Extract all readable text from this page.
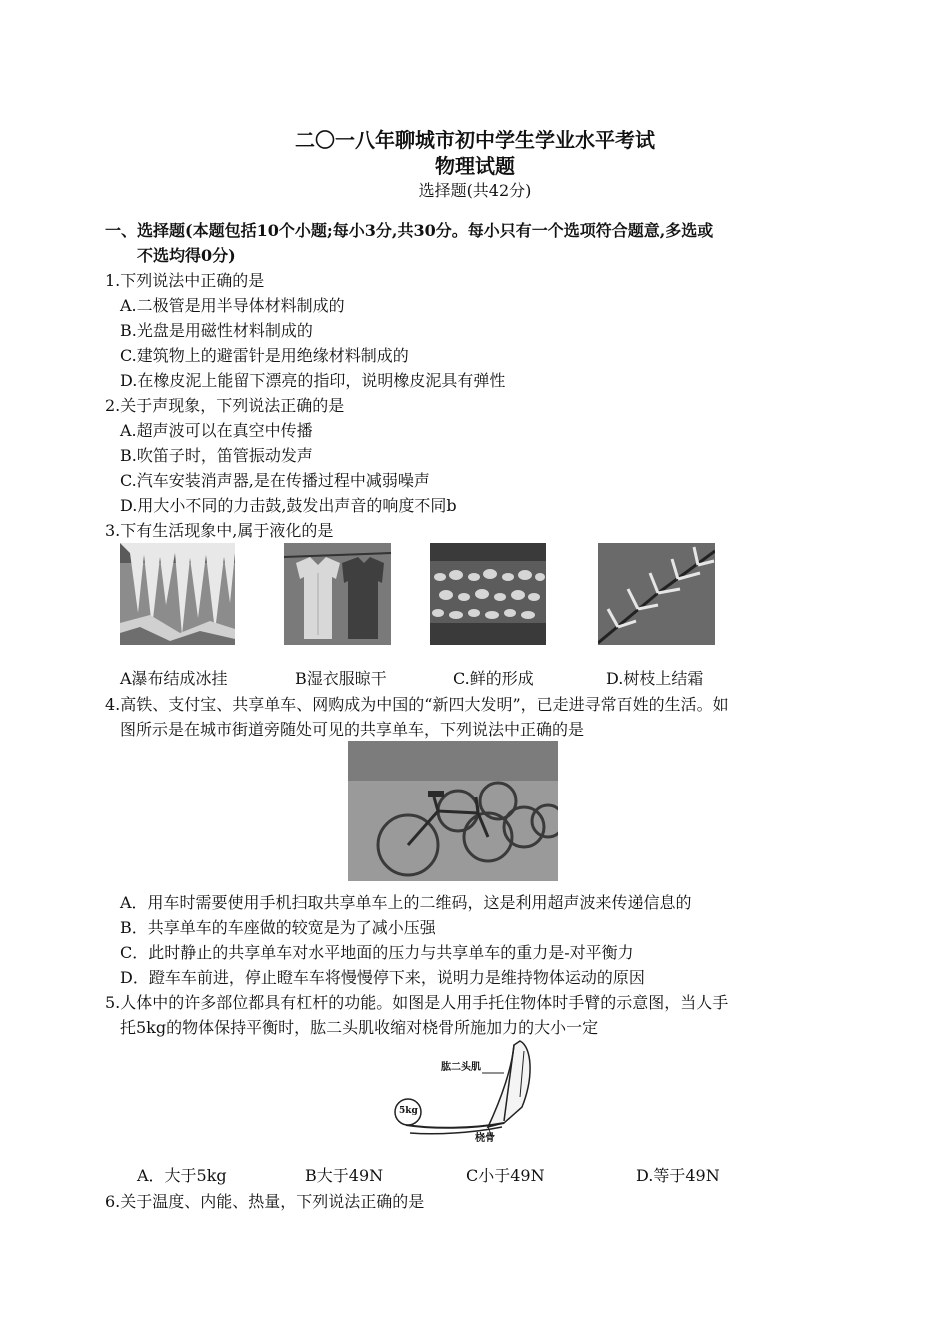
二〇一八年聊城市初中学生学业水平考试
物理试题
选择题(共42分)
一、选择题(本题包括10个小题;每小3分,共30分。每小只有一个选项符合题意,多选或
不选均得0分)
1.下列说法中正确的是
A.二极管是用半导体材料制成的
B.光盘是用磁性材料制成的
C.建筑物上的避雷针是用绝缘材料制成的
D.在橡皮泥上能留下漂亮的指印，说明橡皮泥具有弹性
2.关于声现象，下列说法正确的是
A.超声波可以在真空中传播
B.吹笛子时，笛管振动发声
C.汽车安装消声器,是在传播过程中减弱噪声
D.用大小不同的力击鼓,鼓发出声音的响度不同b
3.下有生活现象中,属于液化的是
A瀑布结成冰挂	B湿衣服晾干	C.鲜的形成	D.树枝上结霜
4.高铁、支付宝、共享单车、网购成为中国的“新四大发明”，已走进寻常百姓的生活。如
图所示是在城市街道旁随处可见的共享单车，下列说法中正确的是
A．用车时需要使用手机扫取共享单车上的二维码，这是利用超声波来传递信息的
B．共享单车的车座做的较宽是为了减小压强
C．此时静止的共享单车对水平地面的压力与共享单车的重力是-对平衡力
D．蹬车车前进，停止瞪车车将慢慢停下来，说明力是维持物体运动的原因
5.人体中的许多部位都具有杠杆的功能。如图是人用手托住物体时手臂的示意图，当人手
托5kg的物体保持平衡时，肱二头肌收缩对桡骨所施加力的大小一定
肱二头肌
5kg
桡骨
A．大于5kg	B大于49N	C小于49N	D.等于49N
6.关于温度、内能、热量，下列说法正确的是
